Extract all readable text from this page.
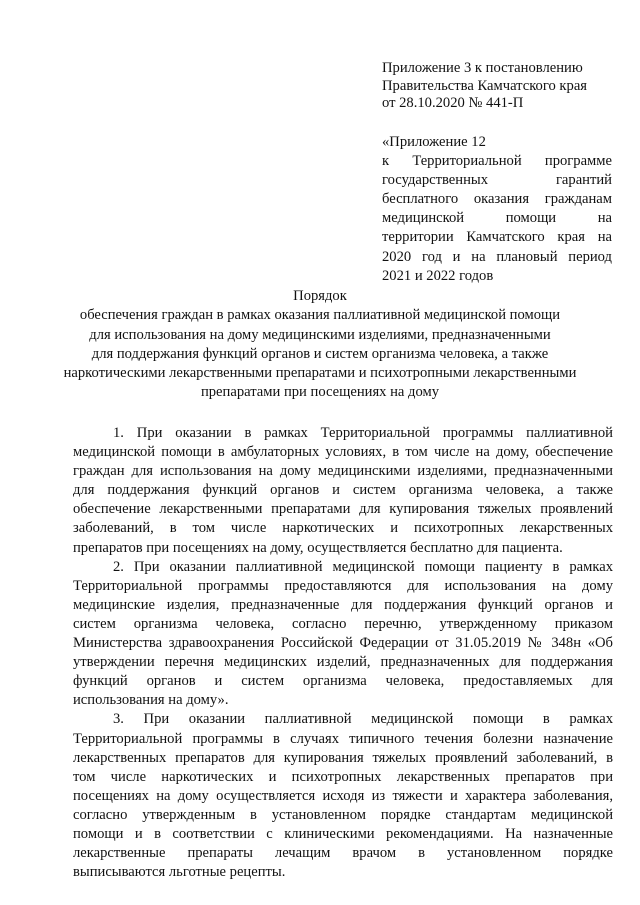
Приложение 3 к постановлению
Правительства Камчатского края
от 28.10.2020 № 441-П
«Приложение 12
к Территориальной программе
государственных гарантий
бесплатного оказания гражданам
медицинской помощи на
территории Камчатского края на
2020 год и на плановый период
2021 и 2022 годов
Порядок
обеспечения граждан в рамках оказания паллиативной медицинской помощи
для использования на дому медицинскими изделиями, предназначенными
для поддержания функций органов и систем организма человека, а также
наркотическими лекарственными препаратами и психотропными лекарственными
препаратами при посещениях на дому
1. При оказании в рамках Территориальной программы паллиативной
медицинской помощи в амбулаторных условиях, в том числе на дому, обеспечение
граждан для использования на дому медицинскими изделиями, предназначенными
для поддержания функций органов и систем организма человека, а также
обеспечение лекарственными препаратами для купирования тяжелых проявлений
заболеваний, в том числе наркотических и психотропных лекарственных
препаратов при посещениях на дому, осуществляется бесплатно для пациента.
2. При оказании паллиативной медицинской помощи пациенту в рамках
Территориальной программы предоставляются для использования на дому
медицинские изделия, предназначенные для поддержания функций органов и
систем организма человека, согласно перечню, утвержденному приказом
Министерства здравоохранения Российской Федерации от 31.05.2019 № 348н «Об
утверждении перечня медицинских изделий, предназначенных для поддержания
функций органов и систем организма человека, предоставляемых для
использования на дому».
3. При оказании паллиативной медицинской помощи в рамках
Территориальной программы в случаях типичного течения болезни назначение
лекарственных препаратов для купирования тяжелых проявлений заболеваний, в
том числе наркотических и психотропных лекарственных препаратов при
посещениях на дому осуществляется исходя из тяжести и характера заболевания,
согласно утвержденным в установленном порядке стандартам медицинской
помощи и в соответствии с клиническими рекомендациями. На назначенные
лекарственные препараты лечащим врачом в установленном порядке
выписываются льготные рецепты.
